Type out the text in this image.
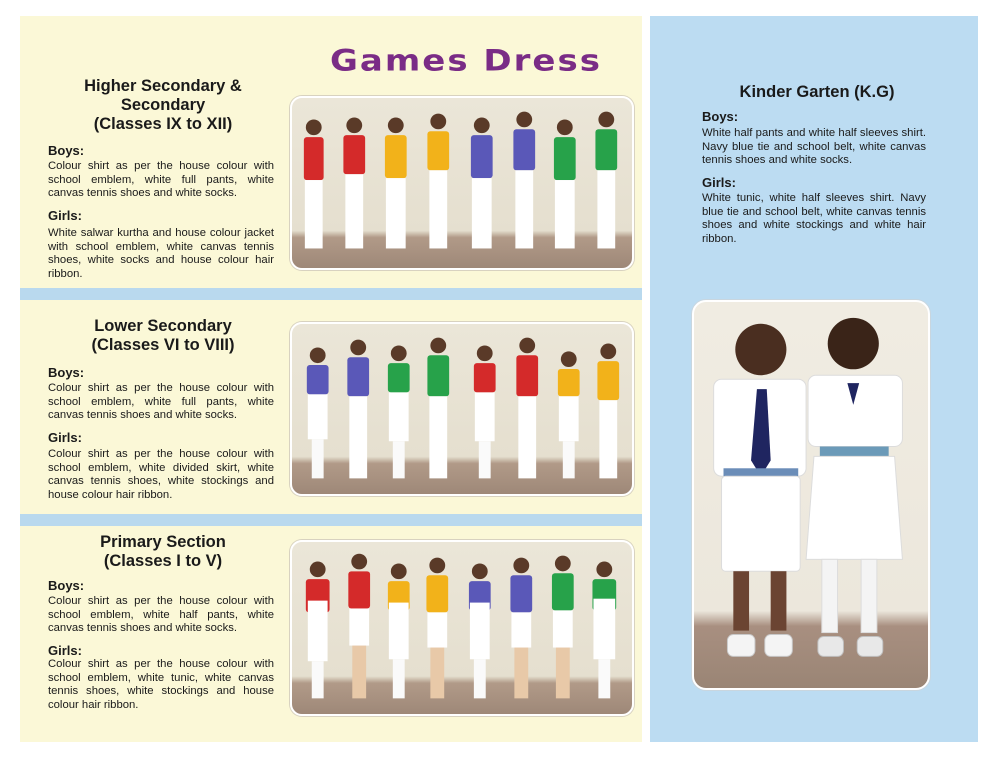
Games Dress
Higher Secondary &
Secondary
(Classes IX to XII)
Boys:
Colour shirt as per the house colour with school emblem, white full pants, white canvas tennis shoes and white socks.
Girls:
White salwar kurtha and house colour jacket with school emblem, white canvas tennis shoes, white socks and house colour hair ribbon.
Lower Secondary
(Classes VI to VIII)
Boys:
Colour shirt as per the house colour with school emblem, white full pants, white canvas tennis shoes and white socks.
Girls:
Colour shirt as per the house colour with school emblem, white divided skirt, white canvas tennis shoes, white stockings and house colour hair ribbon.
Primary Section
(Classes I to V)
Boys:
Colour shirt as per the house colour with school emblem, white half pants, white canvas tennis shoes and white socks.
Girls:
Colour shirt as per the house colour with school emblem, white tunic, white canvas tennis shoes, white stockings and house colour hair ribbon.
Kinder Garten (K.G)
Boys:
White half pants and white half sleeves shirt. Navy blue tie and school belt, white canvas tennis shoes and white socks.
Girls:
White tunic, white half sleeves shirt. Navy blue tie and school belt, white canvas tennis shoes and white stockings and white hair ribbon.
